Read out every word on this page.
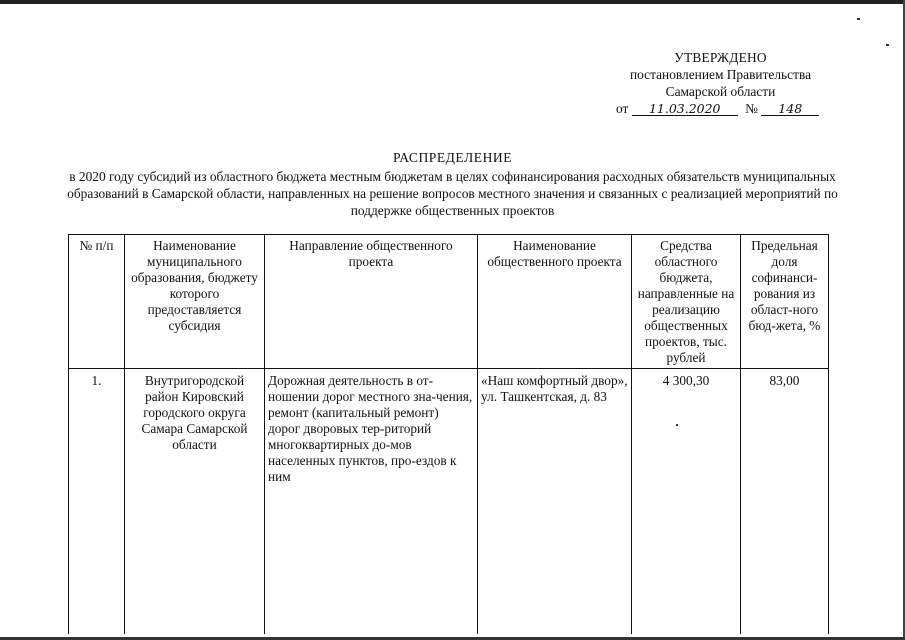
УТВЕРЖДЕНО
постановлением Правительства
Самарской области
от 11.03.2020 № 148
РАСПРЕДЕЛЕНИЕ
в 2020 году субсидий из областного бюджета местным бюджетам в целях софинансирования расходных обязательств муниципальных образований в Самарской области, направленных на решение вопросов местного значения и связанных с реализацией мероприятий по поддержке общественных проектов
№ п/п	Наименование муниципального образования, бюджету которого предоставляется субсидия	Направление общественного проекта	Наименование общественного проекта	Средства областного бюджета, направленные на реализацию общественных проектов, тыс. рублей	Предельная доля софинанси-рования из област-ного бюд-жета, %
1.	Внутригородской район Кировский городского округа Самара Самарской области	Дорожная деятельность в от-ношении дорог местного зна-чения, ремонт (капитальный ремонт) дорог дворовых тер-риторий многоквартирных до-мов населенных пунктов, про-ездов к ним	«Наш комфортный двор», ул. Ташкентская, д. 83	4 300,30	83,00
